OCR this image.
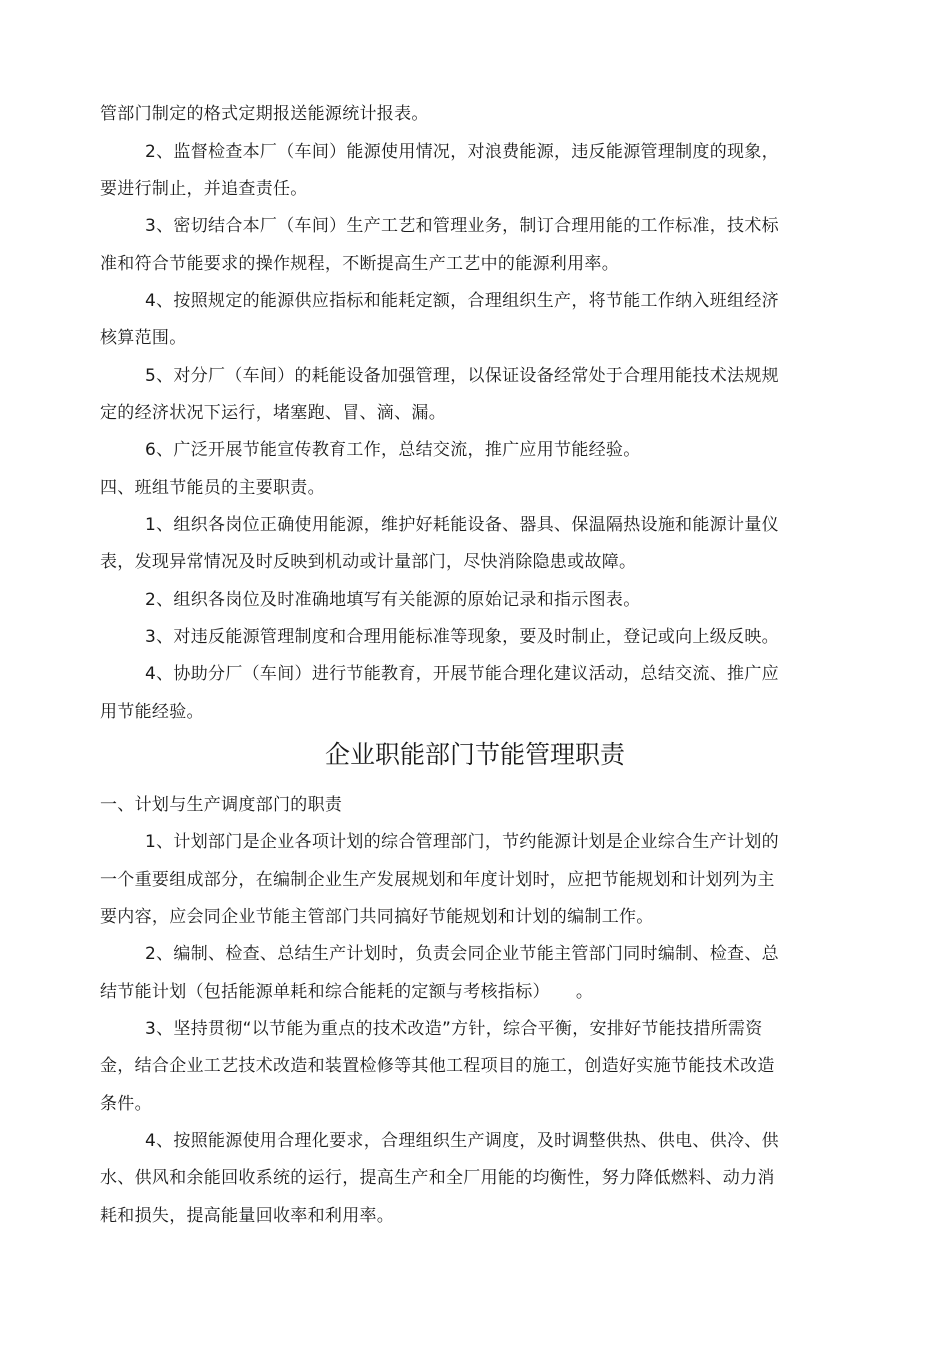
管部门制定的格式定期报送能源统计报表。
2、监督检查本厂（车间）能源使用情况，对浪费能源，违反能源管理制度的现象，
要进行制止，并追查责任。
3、密切结合本厂（车间）生产工艺和管理业务，制订合理用能的工作标准，技术标
准和符合节能要求的操作规程，不断提高生产工艺中的能源利用率。
4、按照规定的能源供应指标和能耗定额，合理组织生产，将节能工作纳入班组经济
核算范围。
5、对分厂（车间）的耗能设备加强管理，以保证设备经常处于合理用能技术法规规
定的经济状况下运行，堵塞跑、冒、滴、漏。
6、广泛开展节能宣传教育工作，总结交流，推广应用节能经验。
四、班组节能员的主要职责。
1、组织各岗位正确使用能源，维护好耗能设备、器具、保温隔热设施和能源计量仪
表，发现异常情况及时反映到机动或计量部门，尽快消除隐患或故障。
2、组织各岗位及时准确地填写有关能源的原始记录和指示图表。
3、对违反能源管理制度和合理用能标准等现象，要及时制止，登记或向上级反映。
4、协助分厂（车间）进行节能教育，开展节能合理化建议活动，总结交流、推广应
用节能经验。
企业职能部门节能管理职责
一、计划与生产调度部门的职责
1、计划部门是企业各项计划的综合管理部门，节约能源计划是企业综合生产计划的
一个重要组成部分，在编制企业生产发展规划和年度计划时，应把节能规划和计划列为主
要内容，应会同企业节能主管部门共同搞好节能规划和计划的编制工作。
2、编制、检查、总结生产计划时，负责会同企业节能主管部门同时编制、检查、总
结节能计划（包括能源单耗和综合能耗的定额与考核指标）　　。
3、坚持贯彻“以节能为重点的技术改造”方针，综合平衡，安排好节能技措所需资
金，结合企业工艺技术改造和装置检修等其他工程项目的施工，创造好实施节能技术改造
条件。
4、按照能源使用合理化要求，合理组织生产调度，及时调整供热、供电、供冷、供
水、供风和余能回收系统的运行，提高生产和全厂用能的均衡性，努力降低燃料、动力消
耗和损失，提高能量回收率和利用率。
